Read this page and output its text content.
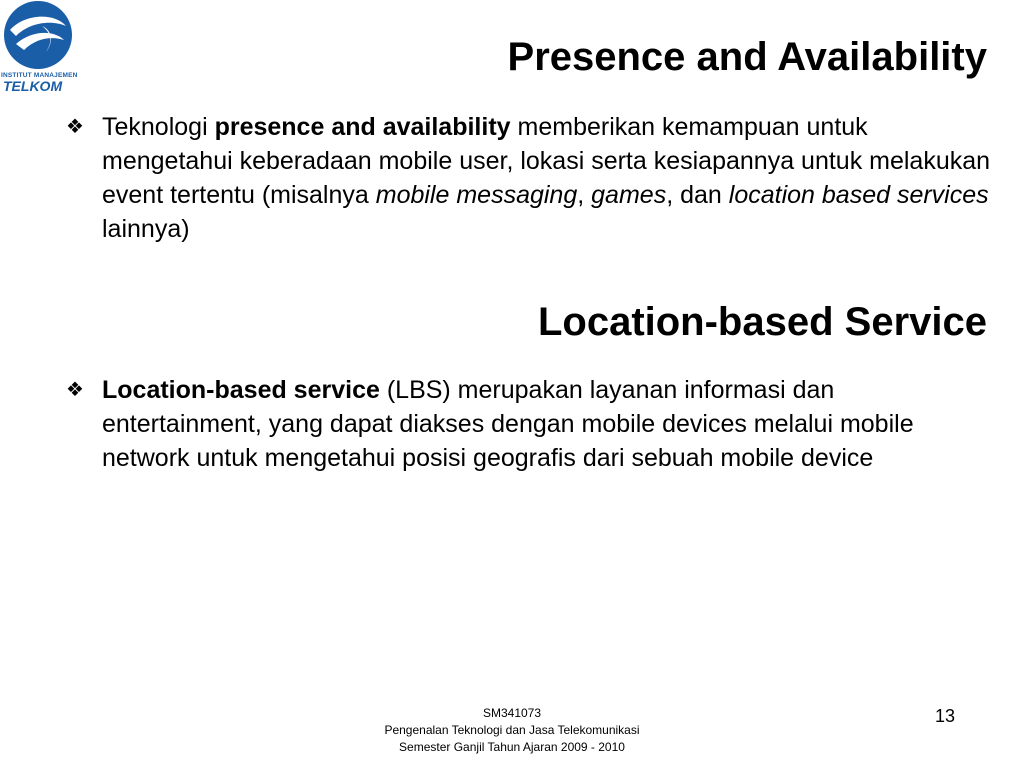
INSTITUT MANAJEMEN
TELKOM
Presence and Availability
❖ Teknologi presence and availability memberikan kemampuan untuk mengetahui keberadaan mobile user, lokasi serta kesiapannya untuk melakukan event tertentu (misalnya mobile messaging, games, dan location based services lainnya)
Location-based Service
❖ Location-based service (LBS) merupakan layanan informasi dan entertainment, yang dapat diakses dengan mobile devices melalui mobile network untuk mengetahui posisi geografis dari sebuah mobile device
SM341073
Pengenalan Teknologi dan Jasa Telekomunikasi
Semester Ganjil Tahun Ajaran 2009 - 2010
13
